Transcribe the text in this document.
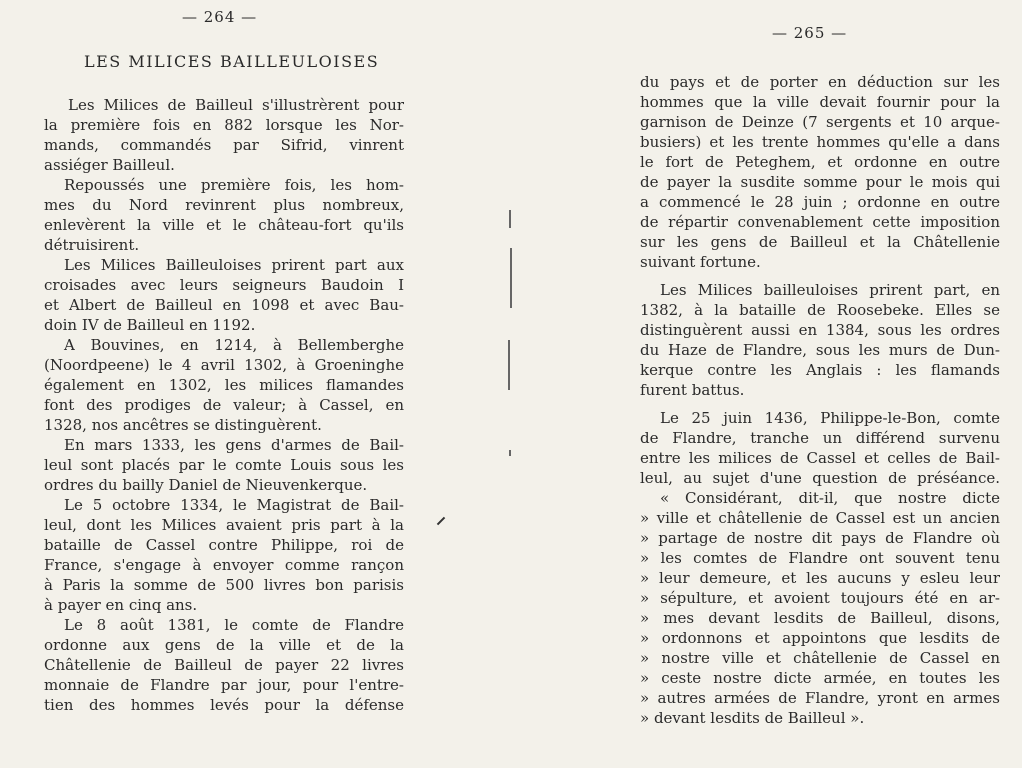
— 264 —
LES MILICES BAILLEULOISES
Les Milices de Bailleul s'illustrèrent pour
la première fois en 882 lorsque les Nor-
mands, commandés par Sifrid, vinrent
assiéger Bailleul.
Repoussés une première fois, les hom-
mes du Nord revinrent plus nombreux,
enlevèrent la ville et le château-fort qu'ils
détruisirent.
Les Milices Bailleuloises prirent part aux
croisades avec leurs seigneurs Baudoin I
et Albert de Bailleul en 1098 et avec Bau-
doin IV de Bailleul en 1192.
A Bouvines, en 1214, à Bellemberghe
(Noordpeene) le 4 avril 1302, à Groeninghe
également en 1302, les milices flamandes
font des prodiges de valeur; à Cassel, en
1328, nos ancêtres se distinguèrent.
En mars 1333, les gens d'armes de Bail-
leul sont placés par le comte Louis sous les
ordres du bailly Daniel de Nieuvenkerque.
Le 5 octobre 1334, le Magistrat de Bail-
leul, dont les Milices avaient pris part à la
bataille de Cassel contre Philippe, roi de
France, s'engage à envoyer comme rançon
à Paris la somme de 500 livres bon parisis
à payer en cinq ans.
Le 8 août 1381, le comte de Flandre
ordonne aux gens de la ville et de la
Châtellenie de Bailleul de payer 22 livres
monnaie de Flandre par jour, pour l'entre-
tien des hommes levés pour la défense
— 265 —
du pays et de porter en déduction sur les
hommes que la ville devait fournir pour la
garnison de Deinze (7 sergents et 10 arque-
busiers) et les trente hommes qu'elle a dans
le fort de Peteghem, et ordonne en outre
de payer la susdite somme pour le mois qui
a commencé le 28 juin ; ordonne en outre
de répartir convenablement cette imposition
sur les gens de Bailleul et la Châtellenie
suivant fortune.
Les Milices bailleuloises prirent part, en
1382, à la bataille de Roosebeke. Elles se
distinguèrent aussi en 1384, sous les ordres
du Haze de Flandre, sous les murs de Dun-
kerque contre les Anglais : les flamands
furent battus.
Le 25 juin 1436, Philippe-le-Bon, comte
de Flandre, tranche un différend survenu
entre les milices de Cassel et celles de Bail-
leul, au sujet d'une question de préséance.
« Considérant, dit-il, que nostre dicte
» ville et châtellenie de Cassel est un ancien
» partage de nostre dit pays de Flandre où
» les comtes de Flandre ont souvent tenu
» leur demeure, et les aucuns y esleu leur
» sépulture, et avoient toujours été en ar-
» mes devant lesdits de Bailleul, disons,
» ordonnons et appointons que lesdits de
» nostre ville et châtellenie de Cassel en
» ceste nostre dicte armée, en toutes les
» autres armées de Flandre, yront en armes
» devant lesdits de Bailleul ».
